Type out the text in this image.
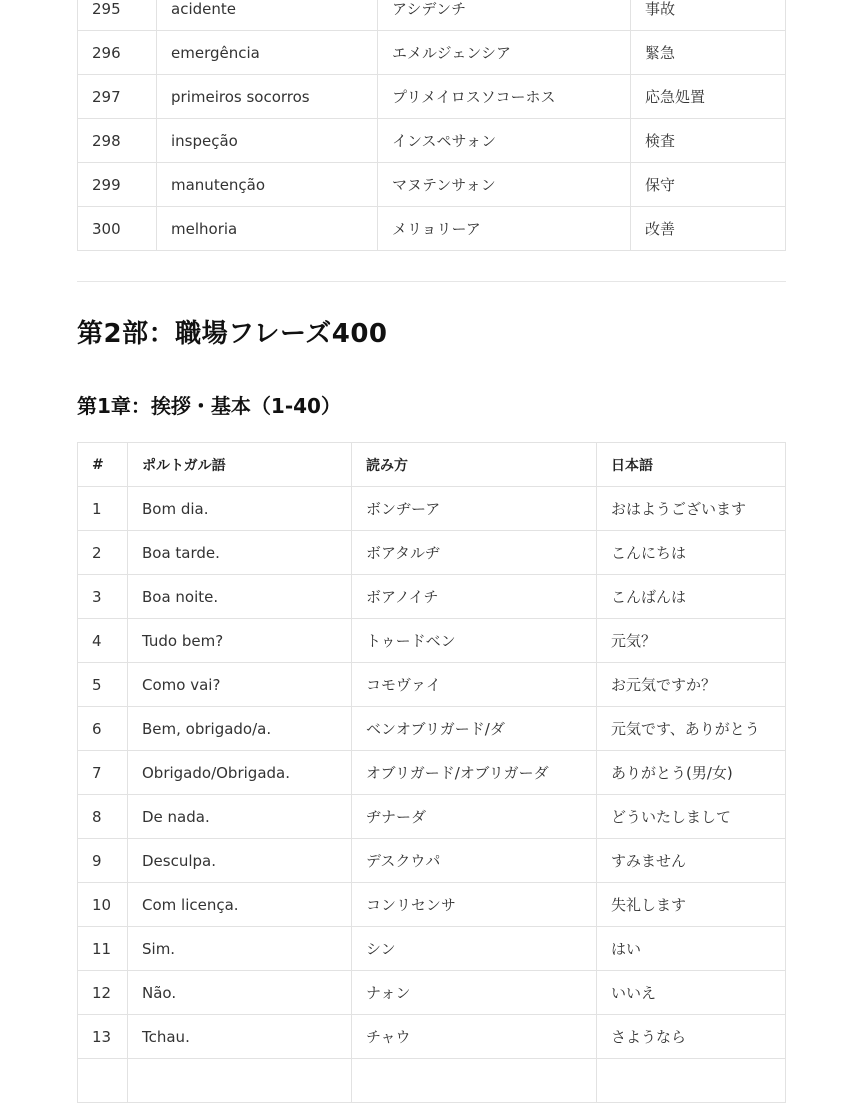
295	acidente	アシデンチ	事故
296	emergência	エメルジェンシア	緊急
297	primeiros socorros	プリメイロスソコーホス	応急処置
298	inspeção	インスペサォン	検査
299	manutenção	マヌテンサォン	保守
300	melhoria	メリョリーア	改善
第2部：職場フレーズ400
第1章：挨拶・基本（1-40）
#	ポルトガル語	読み方	日本語
1	Bom dia.	ボンヂーア	おはようございます
2	Boa tarde.	ボアタルヂ	こんにちは
3	Boa noite.	ボアノイチ	こんばんは
4	Tudo bem?	トゥードベン	元気？
5	Como vai?	コモヴァイ	お元気ですか？
6	Bem, obrigado/a.	ベンオブリガード/ダ	元気です、ありがとう
7	Obrigado/Obrigada.	オブリガード/オブリガーダ	ありがとう(男/女)
8	De nada.	ヂナーダ	どういたしまして
9	Desculpa.	デスクウパ	すみません
10	Com licença.	コンリセンサ	失礼します
11	Sim.	シン	はい
12	Não.	ナォン	いいえ
13	Tchau.	チャウ	さようなら
